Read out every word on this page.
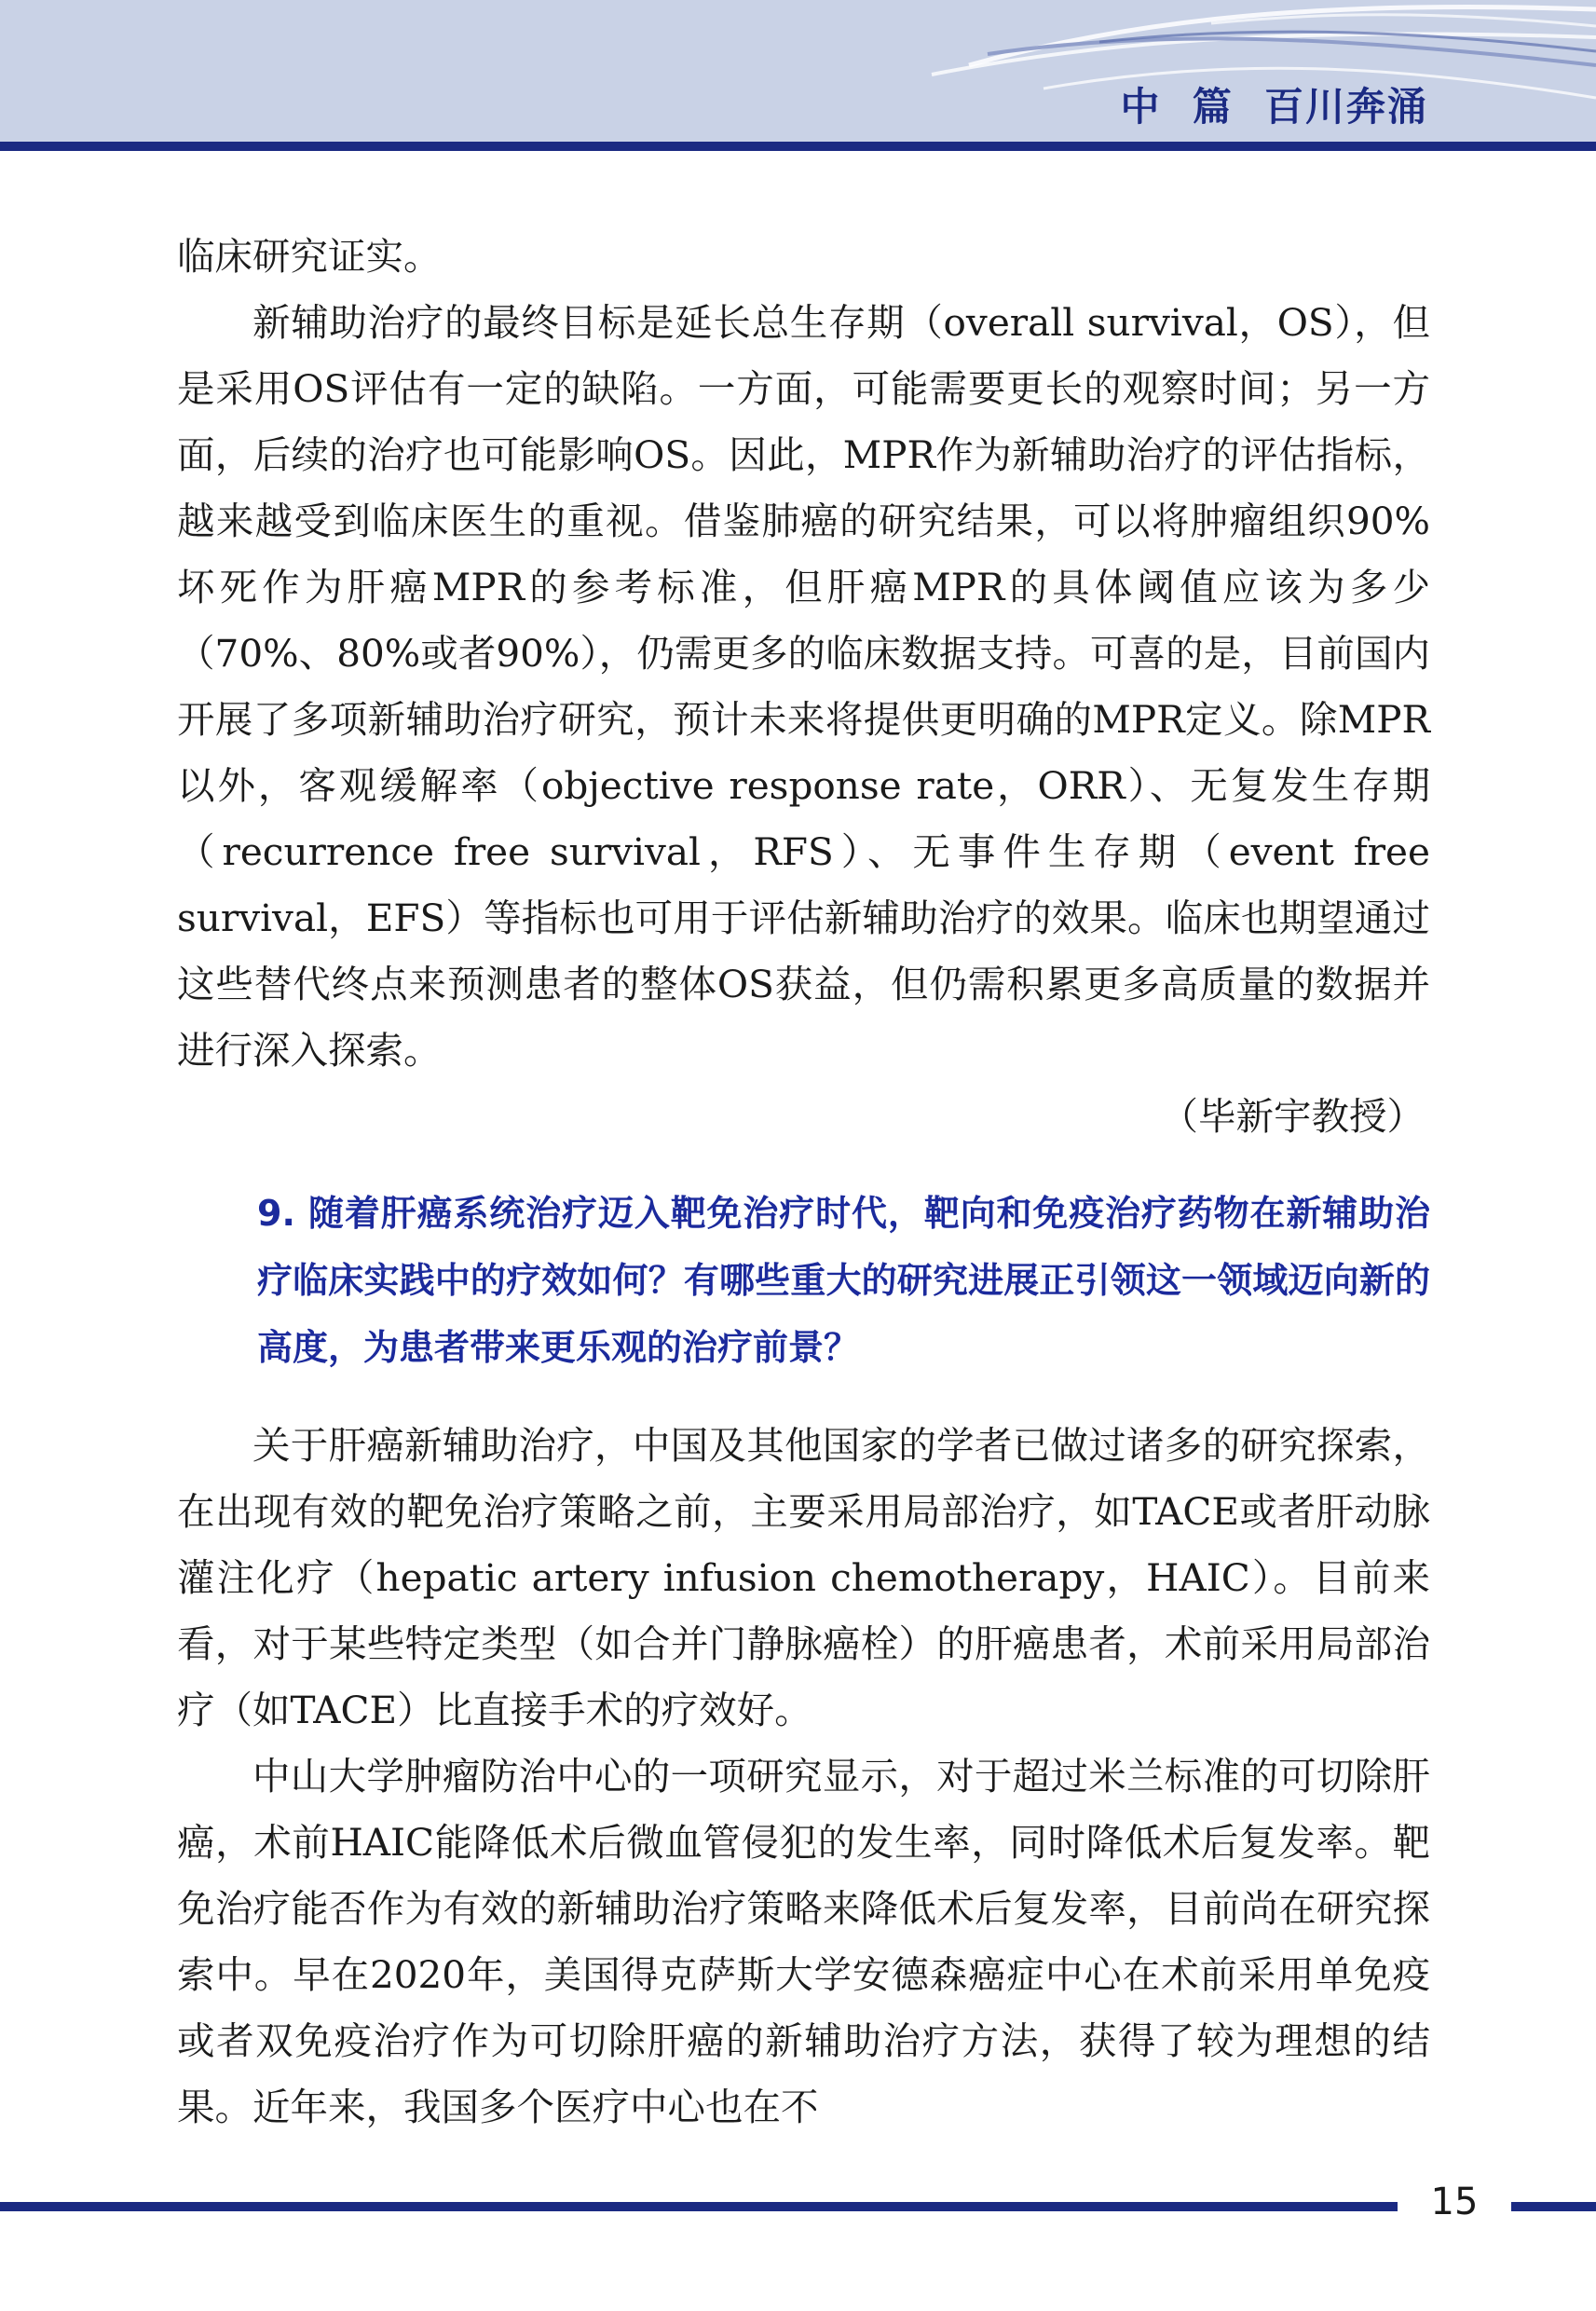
中  篇  百川奔涌

临床研究证实。

新辅助治疗的最终目标是延长总生存期（overall survival，OS），但是采用OS评估有一定的缺陷。一方面，可能需要更长的观察时间；另一方面，后续的治疗也可能影响OS。因此，MPR作为新辅助治疗的评估指标，越来越受到临床医生的重视。借鉴肺癌的研究结果，可以将肿瘤组织90%坏死作为肝癌MPR的参考标准，但肝癌MPR的具体阈值应该为多少（70%、80%或者90%），仍需更多的临床数据支持。可喜的是，目前国内开展了多项新辅助治疗研究，预计未来将提供更明确的MPR定义。除MPR以外，客观缓解率（objective response rate，ORR）、无复发生存期（recurrence free survival，RFS）、无事件生存期（event free survival，EFS）等指标也可用于评估新辅助治疗的效果。临床也期望通过这些替代终点来预测患者的整体OS获益，但仍需积累更多高质量的数据并进行深入探索。

（毕新宇教授）

9. 随着肝癌系统治疗迈入靶免治疗时代，靶向和免疫治疗药物在新辅助治疗临床实践中的疗效如何？有哪些重大的研究进展正引领这一领域迈向新的高度，为患者带来更乐观的治疗前景？

关于肝癌新辅助治疗，中国及其他国家的学者已做过诸多的研究探索，在出现有效的靶免治疗策略之前，主要采用局部治疗，如TACE或者肝动脉灌注化疗（hepatic artery infusion chemotherapy，HAIC）。目前来看，对于某些特定类型（如合并门静脉癌栓）的肝癌患者，术前采用局部治疗（如TACE）比直接手术的疗效好。

中山大学肿瘤防治中心的一项研究显示，对于超过米兰标准的可切除肝癌，术前HAIC能降低术后微血管侵犯的发生率，同时降低术后复发率。靶免治疗能否作为有效的新辅助治疗策略来降低术后复发率，目前尚在研究探索中。早在2020年，美国得克萨斯大学安德森癌症中心在术前采用单免疫或者双免疫治疗作为可切除肝癌的新辅助治疗方法，获得了较为理想的结果。近年来，我国多个医疗中心也在不

15
